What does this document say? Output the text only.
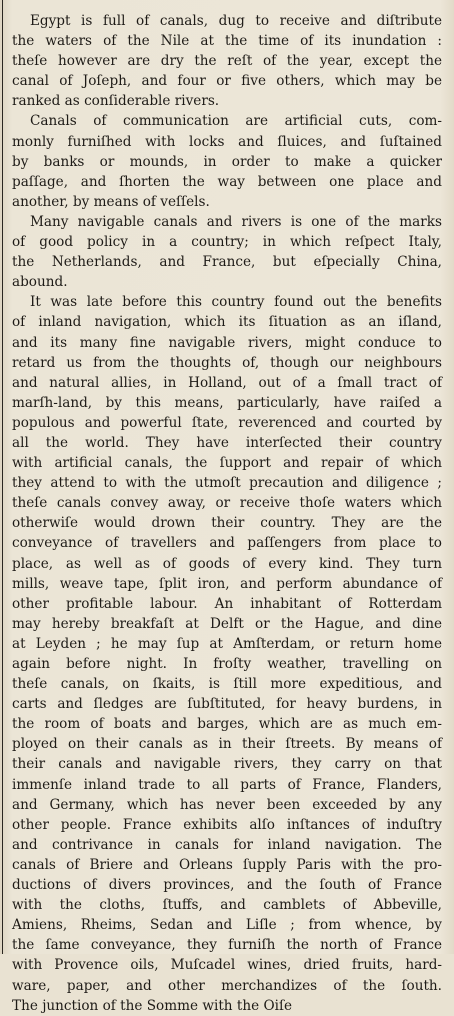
Egypt is full of canals, dug to receive and diſtribute
the waters of the Nile at the time of its inundation :
theſe however are dry the reſt of the year, except the
canal of Joſeph, and four or five others, which may be
ranked as conſiderable rivers.
Canals of communication are artificial cuts, com-
monly furniſhed with locks and ſluices, and ſuſtained
by banks or mounds, in order to make a quicker
paſſage, and ſhorten the way between one place and
another, by means of veſſels.
Many navigable canals and rivers is one of the marks
of good policy in a country; in which reſpect Italy,
the Netherlands, and France, but eſpecially China,
abound.
It was late before this country found out the benefits
of inland navigation, which its ſituation as an iſland,
and its many fine navigable rivers, might conduce to
retard us from the thoughts of, though our neighbours
and natural allies, in Holland, out of a ſmall tract of
marſh-land, by this means, particularly, have raiſed a
populous and powerful ſtate, reverenced and courted by
all the world. They have interſected their country
with artificial canals, the ſupport and repair of which
they attend to with the utmoſt precaution and diligence ;
theſe canals convey away, or receive thoſe waters which
otherwiſe would drown their country. They are the
conveyance of travellers and paſſengers from place to
place, as well as of goods of every kind. They turn
mills, weave tape, ſplit iron, and perform abundance of
other profitable labour. An inhabitant of Rotterdam
may hereby breakfaſt at Delft or the Hague, and dine
at Leyden ; he may ſup at Amſterdam, or return home
again before night. In froſty weather, travelling on
theſe canals, on ſkaits, is ſtill more expeditious, and
carts and ſledges are ſubſtituted, for heavy burdens, in
the room of boats and barges, which are as much em-
ployed on their canals as in their ſtreets. By means of
their canals and navigable rivers, they carry on that
immenſe inland trade to all parts of France, Flanders,
and Germany, which has never been exceeded by any
other people. France exhibits alſo inſtances of induſtry
and contrivance in canals for inland navigation. The
canals of Briere and Orleans ſupply Paris with the pro-
ductions of divers provinces, and the ſouth of France
with the cloths, ſtuffs, and camblets of Abbeville,
Amiens, Rheims, Sedan and Liſle ; from whence, by
the ſame conveyance, they furniſh the north of France
with Provence oils, Muſcadel wines, dried fruits, hard-
ware, paper, and other merchandizes of the ſouth.
The junction of the Somme with the Oiſe
